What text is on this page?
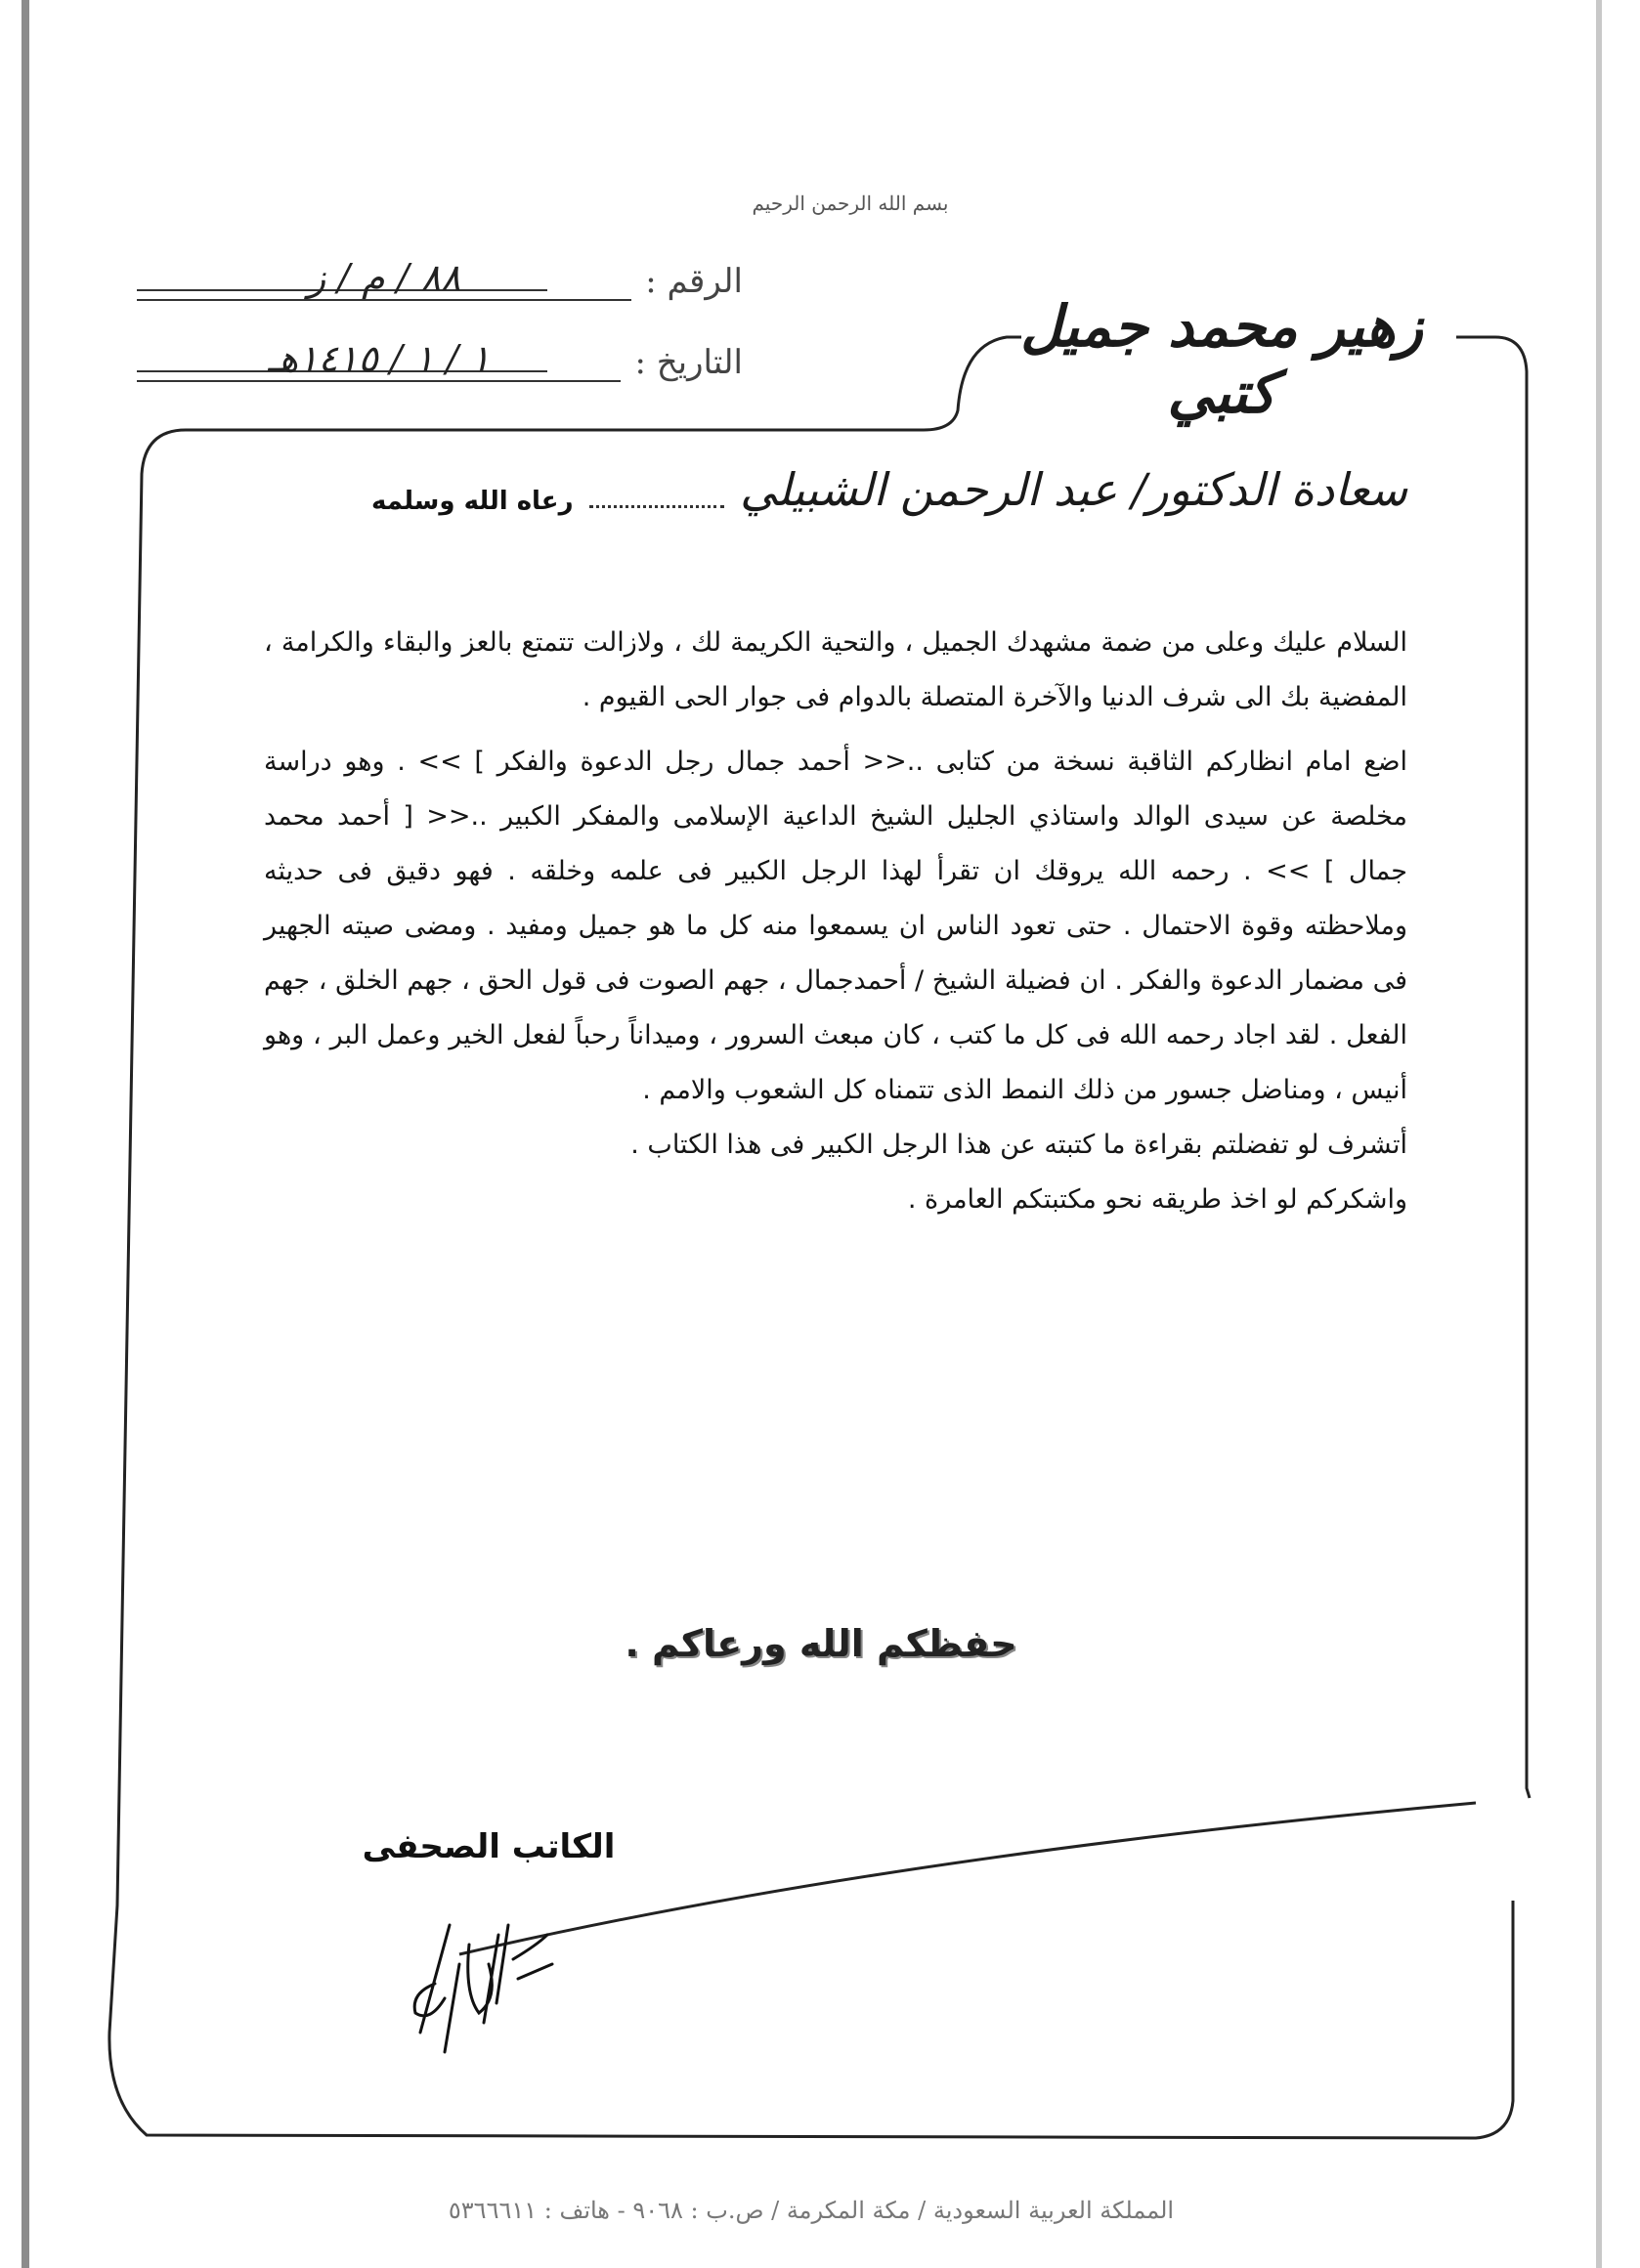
بسم الله الرحمن الرحيم
زهير محمد جميل كتبي
الرقم :
٨٨ / م / ز
التاريخ :
١ / ١ / ١٤١٥هـ
سعادة الدكتور/ عبد الرحمن الشبيلي
رعاه الله وسلمه

السلام عليك وعلى من ضمة مشهدك الجميل ، والتحية الكريمة لك ، ولازالت تتمتع بالعز والبقاء والكرامة ، المفضية بك الى شرف الدنيا والآخرة المتصلة بالدوام فى جوار الحى القيوم .

اضع امام انظاركم الثاقبة نسخة من كتابى ..<< أحمد جمال رجل الدعوة والفكر ] >> . وهو دراسة مخلصة عن سيدى الوالد واستاذي الجليل الشيخ الداعية الإسلامى والمفكر الكبير ..<< [ أحمد محمد جمال ] >> . رحمه الله يروقك ان تقرأ لهذا الرجل الكبير فى علمه وخلقه . فهو دقيق فى حديثه وملاحظته وقوة الاحتمال . حتى تعود الناس ان يسمعوا منه كل ما هو جميل ومفيد . ومضى صيته الجهير فى مضمار الدعوة والفكر . ان فضيلة الشيخ / أحمدجمال ، جهم الصوت فى قول الحق ، جهم الخلق ، جهم الفعل . لقد اجاد رحمه الله فى كل ما كتب ، كان مبعث السرور ، وميداناً رحباً لفعل الخير وعمل البر ، وهو أنيس ، ومناضل جسور من ذلك النمط الذى تتمناه كل الشعوب والامم .

أتشرف لو تفضلتم بقراءة ما كتبته عن هذا الرجل الكبير فى هذا الكتاب .

واشكركم لو اخذ طريقه نحو مكتبتكم العامرة .

حفظكم الله ورعاكم .
الكاتب الصحفى
المملكة العربية السعودية / مكة المكرمة / ص.ب : ٩٠٦٨ - هاتف : ٥٣٦٦٦١١
